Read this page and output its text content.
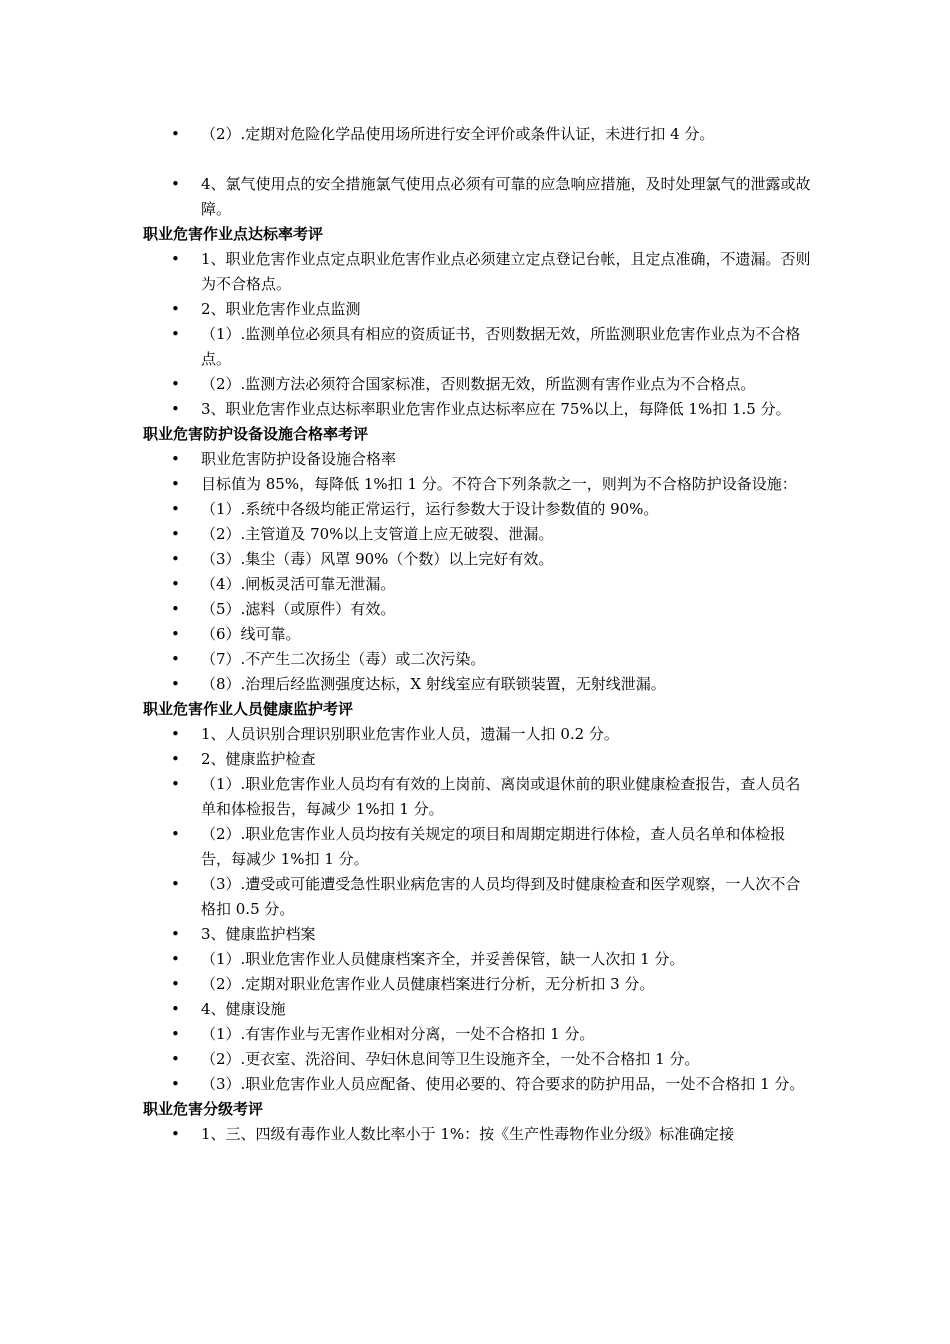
• （2）.定期对危险化学品使用场所进行安全评价或条件认证，未进行扣 4 分。
• 4、氯气使用点的安全措施氯气使用点必须有可靠的应急响应措施，及时处理氯气的泄露或故障。
职业危害作业点达标率考评
• 1、职业危害作业点定点职业危害作业点必须建立定点登记台帐，且定点准确，不遗漏。否则为不合格点。
• 2、职业危害作业点监测
• （1）.监测单位必须具有相应的资质证书，否则数据无效，所监测职业危害作业点为不合格点。
• （2）.监测方法必须符合国家标准，否则数据无效，所监测有害作业点为不合格点。
• 3、职业危害作业点达标率职业危害作业点达标率应在 75%以上，每降低 1%扣 1.5 分。
职业危害防护设备设施合格率考评
• 职业危害防护设备设施合格率
• 目标值为 85%，每降低 1%扣 1 分。不符合下列条款之一，则判为不合格防护设备设施：
• （1）.系统中各级均能正常运行，运行参数大于设计参数值的 90%。
• （2）.主管道及 70%以上支管道上应无破裂、泄漏。
• （3）.集尘（毒）风罩 90%（个数）以上完好有效。
• （4）.闸板灵活可靠无泄漏。
• （5）.滤料（或原件）有效。
• （6）线可靠。
• （7）.不产生二次扬尘（毒）或二次污染。
• （8）.治理后经监测强度达标，X 射线室应有联锁装置，无射线泄漏。
职业危害作业人员健康监护考评
• 1、人员识别合理识别职业危害作业人员，遗漏一人扣 0.2 分。
• 2、健康监护检查
• （1）.职业危害作业人员均有有效的上岗前、离岗或退休前的职业健康检查报告，查人员名单和体检报告，每减少 1%扣 1 分。
• （2）.职业危害作业人员均按有关规定的项目和周期定期进行体检，查人员名单和体检报告，每减少 1%扣 1 分。
• （3）.遭受或可能遭受急性职业病危害的人员均得到及时健康检查和医学观察，一人次不合格扣 0.5 分。
• 3、健康监护档案
• （1）.职业危害作业人员健康档案齐全，并妥善保管，缺一人次扣 1 分。
• （2）.定期对职业危害作业人员健康档案进行分析，无分析扣 3 分。
• 4、健康设施
• （1）.有害作业与无害作业相对分离，一处不合格扣 1 分。
• （2）.更衣室、洗浴间、孕妇休息间等卫生设施齐全，一处不合格扣 1 分。
• （3）.职业危害作业人员应配备、使用必要的、符合要求的防护用品，一处不合格扣 1 分。
职业危害分级考评
• 1、三、四级有毒作业人数比率小于 1%：按《生产性毒物作业分级》标准确定接
